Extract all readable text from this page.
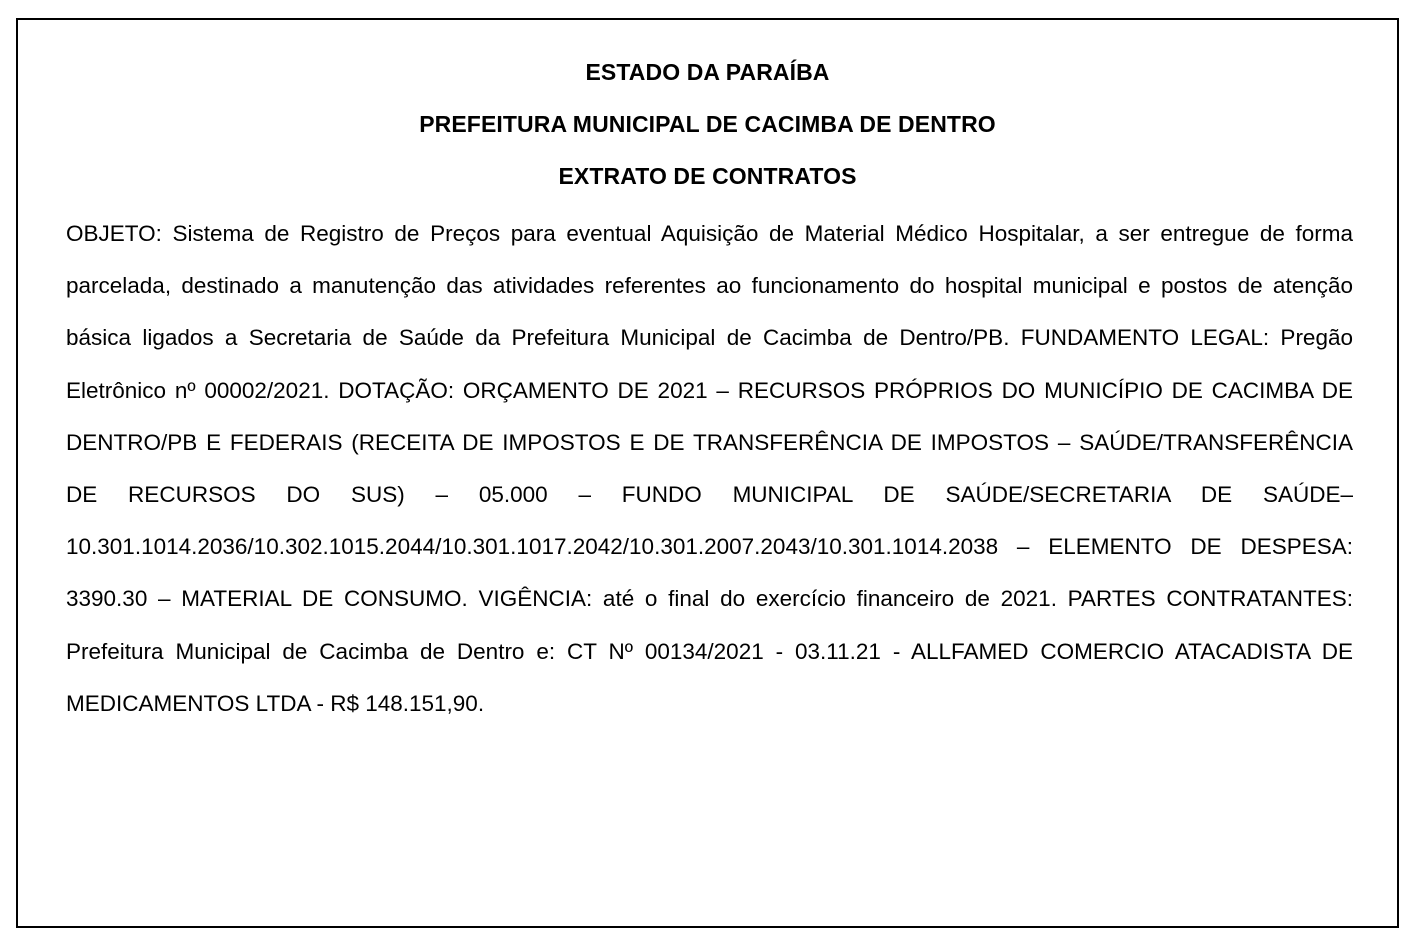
ESTADO DA PARAÍBA
PREFEITURA MUNICIPAL DE CACIMBA DE DENTRO
EXTRATO DE CONTRATOS

OBJETO: Sistema de Registro de Preços para eventual Aquisição de Material Médico Hospitalar, a ser entregue de forma parcelada, destinado a manutenção das atividades referentes ao funcionamento do hospital municipal e postos de atenção básica ligados a Secretaria de Saúde da Prefeitura Municipal de Cacimba de Dentro/PB. FUNDAMENTO LEGAL: Pregão Eletrônico nº 00002/2021. DOTAÇÃO: ORÇAMENTO DE 2021 – RECURSOS PRÓPRIOS DO MUNICÍPIO DE CACIMBA DE DENTRO/PB E FEDERAIS (RECEITA DE IMPOSTOS E DE TRANSFERÊNCIA DE IMPOSTOS – SAÚDE/TRANSFERÊNCIA DE RECURSOS DO SUS) – 05.000 – FUNDO MUNICIPAL DE SAÚDE/SECRETARIA DE SAÚDE– 10.301.1014.2036/10.302.1015.2044/10.301.1017.2042/10.301.2007.2043/10.301.1014.2038 – ELEMENTO DE DESPESA: 3390.30 – MATERIAL DE CONSUMO. VIGÊNCIA: até o final do exercício financeiro de 2021. PARTES CONTRATANTES: Prefeitura Municipal de Cacimba de Dentro e: CT Nº 00134/2021 - 03.11.21 - ALLFAMED COMERCIO ATACADISTA DE MEDICAMENTOS LTDA - R$ 148.151,90.
